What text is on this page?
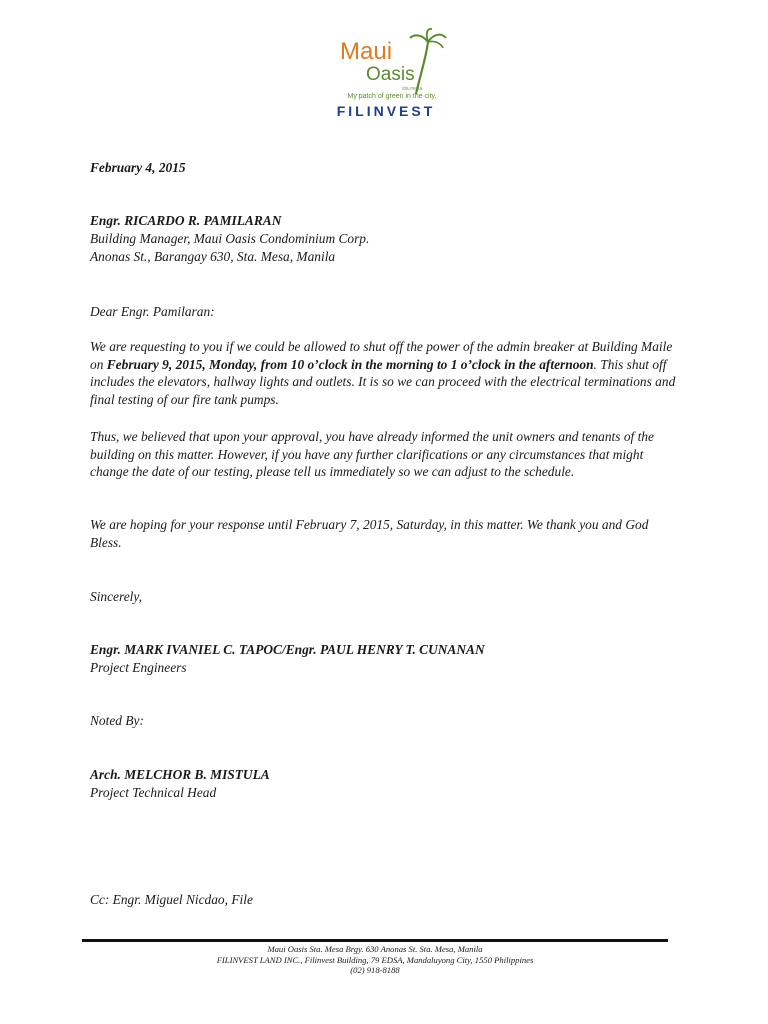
Maui
Oasis
sta.mesa
My patch of green in the city.
FILINVEST
February 4, 2015
Engr. RICARDO R. PAMILARAN
Building Manager, Maui Oasis Condominium Corp.
Anonas St., Barangay 630, Sta. Mesa, Manila
Dear Engr. Pamilaran:
We are requesting to you if we could be allowed to shut off the power of the admin breaker at Building Maile on February 9, 2015, Monday, from 10 o’clock in the morning to 1 o’clock in the afternoon. This shut off includes the elevators, hallway lights and outlets. It is so we can proceed with the electrical terminations and final testing of our fire tank pumps.
Thus, we believed that upon your approval, you have already informed the unit owners and tenants of the building on this matter. However, if you have any further clarifications or any circumstances that might change the date of our testing, please tell us immediately so we can adjust to the schedule.
We are hoping for your response until February 7, 2015, Saturday, in this matter. We thank you and God Bless.
Sincerely,
Engr. MARK IVANIEL C. TAPOC/Engr. PAUL HENRY T. CUNANAN
Project Engineers
Noted By:
Arch. MELCHOR B. MISTULA
Project Technical Head
Cc: Engr. Miguel Nicdao, File
Maui Oasis Sta. Mesa Brgy. 630 Anonas St. Sta. Mesa, Manila
FILINVEST LAND INC., Filinvest Building, 79 EDSA, Mandaluyong City, 1550 Philippines
(02) 918-8188
